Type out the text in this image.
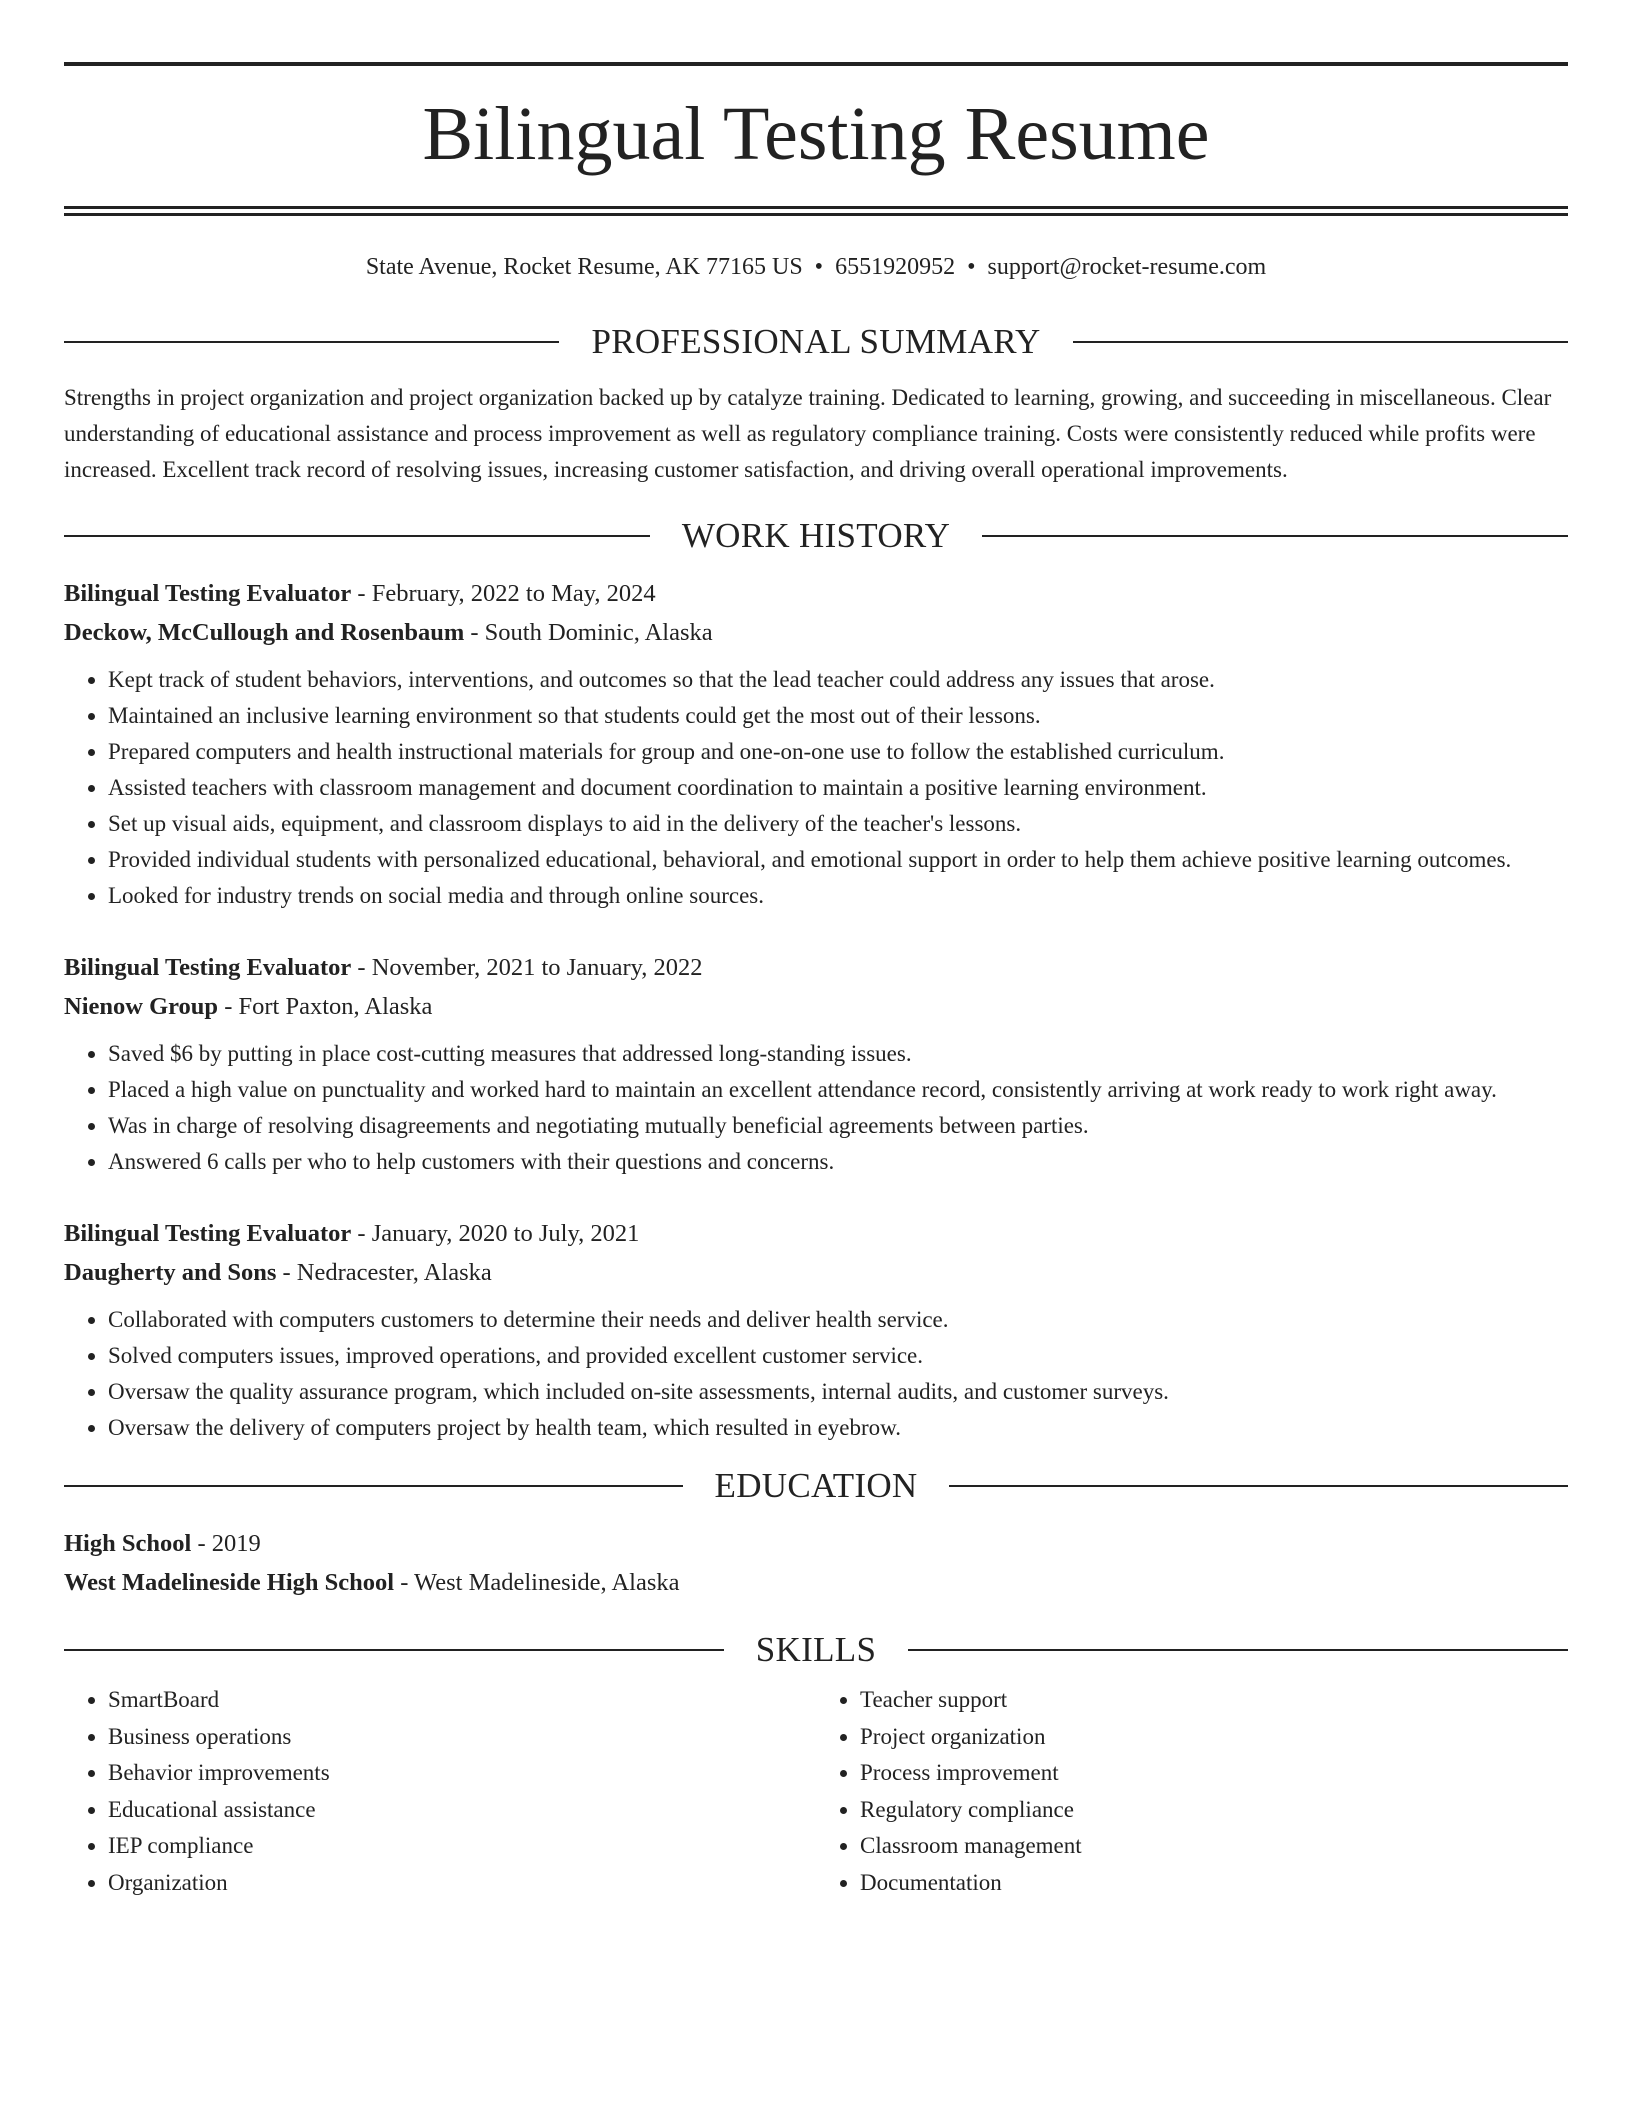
Bilingual Testing Resume
State Avenue, Rocket Resume, AK 77165 US • 6551920952 • support@rocket-resume.com
PROFESSIONAL SUMMARY

Strengths in project organization and project organization backed up by catalyze training. Dedicated to learning, growing, and succeeding in miscellaneous. Clear understanding of educational assistance and process improvement as well as regulatory compliance training. Costs were consistently reduced while profits were increased. Excellent track record of resolving issues, increasing customer satisfaction, and driving overall operational improvements.

WORK HISTORY
Bilingual Testing Evaluator - February, 2022 to May, 2024
Deckow, McCullough and Rosenbaum - South Dominic, Alaska
• Kept track of student behaviors, interventions, and outcomes so that the lead teacher could address any issues that arose.
• Maintained an inclusive learning environment so that students could get the most out of their lessons.
• Prepared computers and health instructional materials for group and one-on-one use to follow the established curriculum.
• Assisted teachers with classroom management and document coordination to maintain a positive learning environment.
• Set up visual aids, equipment, and classroom displays to aid in the delivery of the teacher's lessons.
• Provided individual students with personalized educational, behavioral, and emotional support in order to help them achieve positive learning outcomes.
• Looked for industry trends on social media and through online sources.
Bilingual Testing Evaluator - November, 2021 to January, 2022
Nienow Group - Fort Paxton, Alaska
• Saved $6 by putting in place cost-cutting measures that addressed long-standing issues.
• Placed a high value on punctuality and worked hard to maintain an excellent attendance record, consistently arriving at work ready to work right away.
• Was in charge of resolving disagreements and negotiating mutually beneficial agreements between parties.
• Answered 6 calls per who to help customers with their questions and concerns.
Bilingual Testing Evaluator - January, 2020 to July, 2021
Daugherty and Sons - Nedracester, Alaska
• Collaborated with computers customers to determine their needs and deliver health service.
• Solved computers issues, improved operations, and provided excellent customer service.
• Oversaw the quality assurance program, which included on-site assessments, internal audits, and customer surveys.
• Oversaw the delivery of computers project by health team, which resulted in eyebrow.
EDUCATION
High School - 2019
West Madelineside High School - West Madelineside, Alaska
SKILLS
• SmartBoard
• Business operations
• Behavior improvements
• Educational assistance
• IEP compliance
• Organization
• Teacher support
• Project organization
• Process improvement
• Regulatory compliance
• Classroom management
• Documentation
